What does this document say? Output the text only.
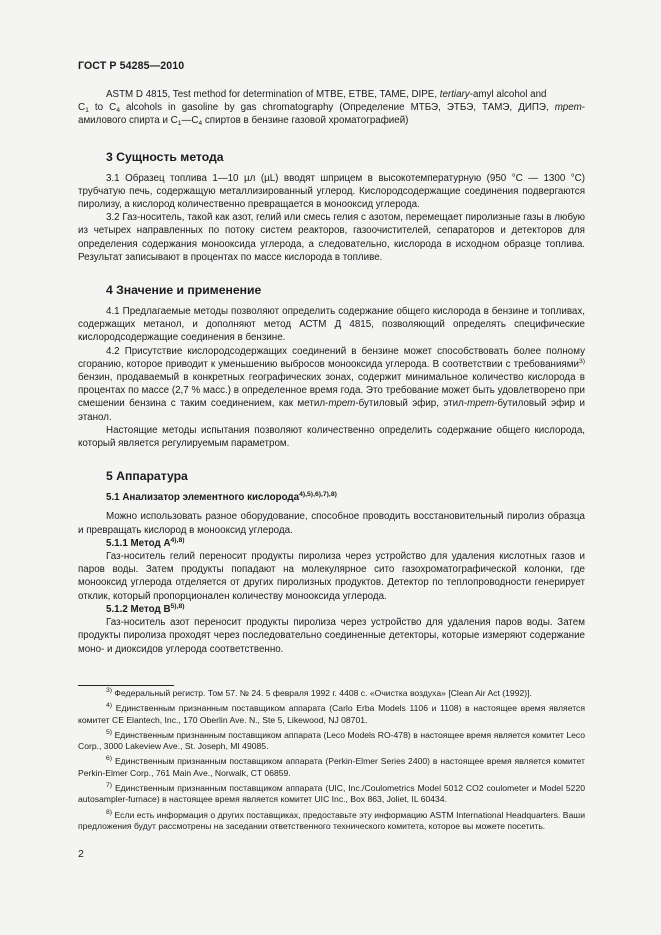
ГОСТ Р 54285—2010

ASTM D 4815, Test method for determination of MTBE, ETBE, TAME, DIPE, tertiary-amyl alcohol and
$C_1$ to $C_4$ alcohols in gasoline by gas chromatography (Определение МТБЭ, ЭТБЭ, ТАМЭ, ДИПЭ, трет-амилового спирта и $C_1—C_4$ спиртов в бензине газовой хроматографией)

3 Сущность метода

3.1 Образец топлива 1—10 µл (µL) вводят шприцем в высокотемпературную (950 °С — 1300 °С) трубчатую печь, содержащую металлизированный углерод. Кислородсодержащие соединения подвергаются пиролизу, а кислород количественно превращается в монооксид углерода.

3.2 Газ-носитель, такой как азот, гелий или смесь гелия с азотом, перемещает пиролизные газы в любую из четырех направленных по потоку систем реакторов, газоочистителей, сепараторов и детекторов для определения содержания монооксида углерода, а следовательно, кислорода в исходном образце топлива. Результат записывают в процентах по массе кислорода в топливе.

4 Значение и применение

4.1 Предлагаемые методы позволяют определить содержание общего кислорода в бензине и топливах, содержащих метанол, и дополняют метод АСТМ Д 4815, позволяющий определять специфические кислородсодержащие соединения в бензине.

4.2 Присутствие кислородсодержащих соединений в бензине может способствовать более полному сгоранию, которое приводит к уменьшению выбросов монооксида углерода. В соответствии с требованиями$^{3)}$ бензин, продаваемый в конкретных географических зонах, содержит минимальное количество кислорода в процентах по массе (2,7 % масс.) в определенное время года. Это требование может быть удовлетворено при смешении бензина с таким соединением, как метил-трет-бутиловый эфир, этил-трет-бутиловый эфир и этанол.

Настоящие методы испытания позволяют количественно определить содержание общего кислорода, который является регулируемым параметром.

5 Аппаратура
5.1 Анализатор элементного кислорода$^{4),5),6),7),8)}$

Можно использовать разное оборудование, способное проводить восстановительный пиролиз образца и превращать кислород в монооксид углерода.

5.1.1 Метод $А^{4),8)}$

Газ-носитель гелий переносит продукты пиролиза через устройство для удаления кислотных газов и паров воды. Затем продукты попадают на молекулярное сито газохроматографической колонки, где монооксид углерода отделяется от других пиролизных продуктов. Детектор по теплопроводности генерирует отклик, который пропорционален количеству монооксида углерода.

5.1.2 Метод $В^{5),8)}$

Газ-носитель азот переносит продукты пиролиза через устройство для удаления паров воды. Затем продукты пиролиза проходят через последовательно соединенные детекторы, которые измеряют содержание моно- и диоксидов углерода соответственно.

$^{3)}$ Федеральный регистр. Том 57. № 24. 5 февраля 1992 г. 4408 с. «Очистка воздуха» [Clean Air Act (1992)].

$^{4)}$ Единственным признанным поставщиком аппарата (Carlo Erba Models 1106 и 1108) в настоящее время является комитет CE Elantech, Inc., 170 Oberlin Ave. N., Ste 5, Likewood, NJ 08701.

$^{5)}$ Единственным признанным поставщиком аппарата (Leco Models RO-478) в настоящее время является комитет Leco Corp., 3000 Lakeview Ave., St. Joseph, MI 49085.

$^{6)}$ Единственным признанным поставщиком аппарата (Perkin-Elmer Series 2400) в настоящее время является комитет Perkin-Elmer Corp., 761 Main Ave., Norwalk, CT 06859.

$^{7)}$ Единственным признанным поставщиком аппарата (UIC, Inc./Coulometrics Model 5012 CO2 coulometer и Model 5220 autosampler-furnace) в настоящее время является комитет UIC Inc., Box 863, Joliet, IL 60434.

$^{8)}$ Если есть информация о других поставщиках, предоставьте эту информацию ASTM International Headquarters. Ваши предложения будут рассмотрены на заседании ответственного технического комитета, которое вы можете посетить.

2
